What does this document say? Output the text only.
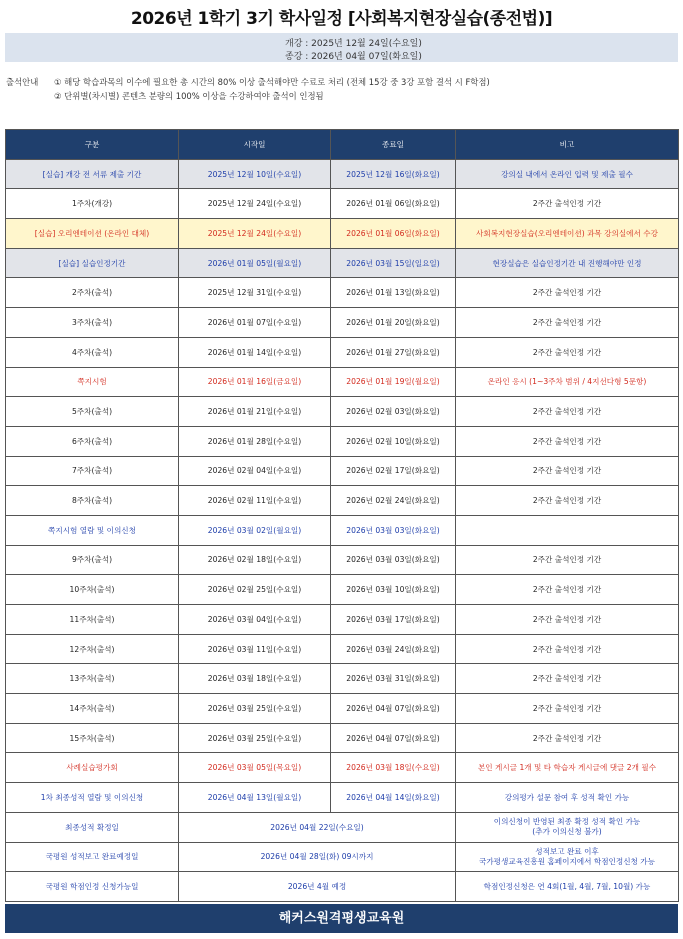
2026년 1학기 3기 학사일정 [사회복지현장실습(종전법)]
개강 : 2025년 12월 24일(수요일)
종강 : 2026년 04월 07일(화요일)
출석안내 ① 해당 학습과목의 이수에 필요한 총 시간의 80% 이상 출석해야만 수료로 처리 (전체 15강 중 3강 포함 결석 시 F학점)
② 단위별(차시별) 콘텐츠 분량의 100% 이상을 수강하여야 출석이 인정됨
구분	시작일	종료일	비고
[실습] 개강 전 서류 제출 기간	2025년 12월 10일(수요일)	2025년 12월 16일(화요일)	강의실 내에서 온라인 입력 및 제출 필수
1주차(개강)	2025년 12월 24일(수요일)	2026년 01월 06일(화요일)	2주간 출석인정 기간
[실습] 오리엔테이션 (온라인 대체)	2025년 12월 24일(수요일)	2026년 01월 06일(화요일)	사회복지현장실습(오리엔테이션) 과목 강의실에서 수강
[실습] 실습인정기간	2026년 01월 05일(월요일)	2026년 03월 15일(일요일)	현장실습은 실습인정기간 내 진행해야만 인정
2주차(출석)	2025년 12월 31일(수요일)	2026년 01월 13일(화요일)	2주간 출석인정 기간
3주차(출석)	2026년 01월 07일(수요일)	2026년 01월 20일(화요일)	2주간 출석인정 기간
4주차(출석)	2026년 01월 14일(수요일)	2026년 01월 27일(화요일)	2주간 출석인정 기간
쪽지시험	2026년 01월 16일(금요일)	2026년 01월 19일(월요일)	온라인 응시 (1~3주차 범위 / 4지선다형 5문항)
5주차(출석)	2026년 01월 21일(수요일)	2026년 02월 03일(화요일)	2주간 출석인정 기간
6주차(출석)	2026년 01월 28일(수요일)	2026년 02월 10일(화요일)	2주간 출석인정 기간
7주차(출석)	2026년 02월 04일(수요일)	2026년 02월 17일(화요일)	2주간 출석인정 기간
8주차(출석)	2026년 02월 11일(수요일)	2026년 02월 24일(화요일)	2주간 출석인정 기간
쪽지시험 열람 및 이의신청	2026년 03월 02일(월요일)	2026년 03월 03일(화요일)	
9주차(출석)	2026년 02월 18일(수요일)	2026년 03월 03일(화요일)	2주간 출석인정 기간
10주차(출석)	2026년 02월 25일(수요일)	2026년 03월 10일(화요일)	2주간 출석인정 기간
11주차(출석)	2026년 03월 04일(수요일)	2026년 03월 17일(화요일)	2주간 출석인정 기간
12주차(출석)	2026년 03월 11일(수요일)	2026년 03월 24일(화요일)	2주간 출석인정 기간
13주차(출석)	2026년 03월 18일(수요일)	2026년 03월 31일(화요일)	2주간 출석인정 기간
14주차(출석)	2026년 03월 25일(수요일)	2026년 04월 07일(화요일)	2주간 출석인정 기간
15주차(출석)	2026년 03월 25일(수요일)	2026년 04월 07일(화요일)	2주간 출석인정 기간
사례실습평가회	2026년 03월 05일(목요일)	2026년 03월 18일(수요일)	본인 게시글 1개 및 타 학습자 게시글에 댓글 2개 필수
1차 최종성적 열람 및 이의신청	2026년 04월 13일(월요일)	2026년 04월 14일(화요일)	강의평가 설문 참여 후 성적 확인 가능
최종성적 확정일	2026년 04월 22일(수요일)		이의신청이 반영된 최종 확정 성적 확인 가능
(추가 이의신청 불가)
국평원 성적보고 완료예정일	2026년 04월 28일(화) 09시까지		성적보고 완료 이후
국가평생교육진흥원 홈페이지에서 학점인정신청 가능
국평원 학점인정 신청가능일	2026년 4월 예정		학점인정신청은 연 4회(1월, 4월, 7월, 10월) 가능
해커스원격평생교육원
